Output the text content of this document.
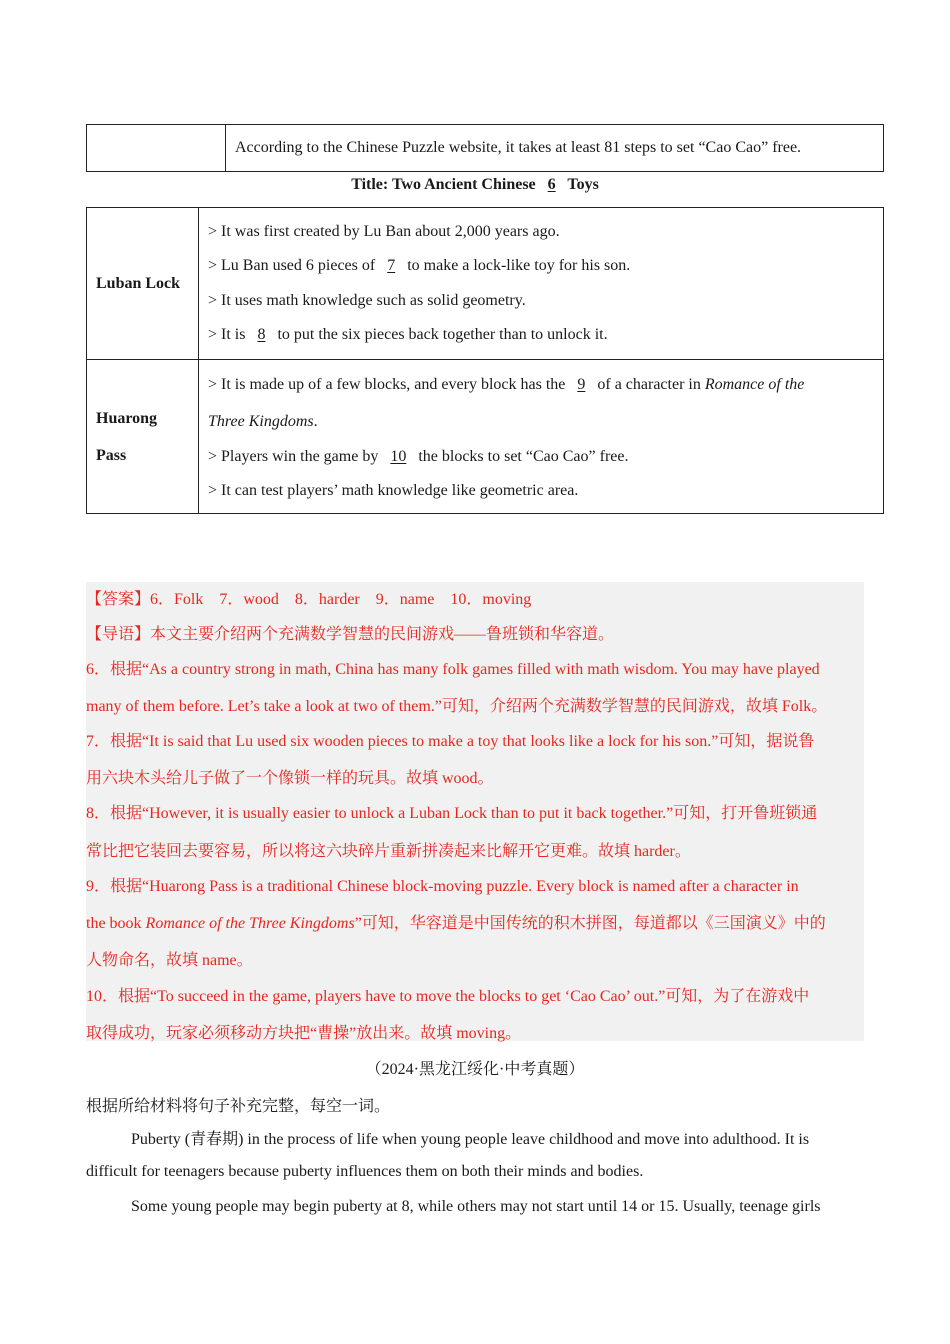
According to the Chinese Puzzle website, it takes at least 81 steps to set “Cao Cao” free.
Title: Two Ancient Chinese 6 Toys
Luban Lock	> It was first created by Lu Ban about 2,000 years ago.
> Lu Ban used 6 pieces of 7 to make a lock-like toy for his son.
> It uses math knowledge such as solid geometry.
> It is 8 to put the six pieces back together than to unlock it.

Huarong
Pass	> It is made up of a few blocks, and every block has the 9 of a character in Romance of the
Three Kingdoms.
> Players win the game by 10 the blocks to set “Cao Cao” free.
> It can test players’ math knowledge like geometric area.
【答案】6．Folk　7．wood　8．harder　9．name　10．moving
【导语】本文主要介绍两个充满数学智慧的民间游戏——鲁班锁和华容道。
6．根据“As a country strong in math, China has many folk games filled with math wisdom. You may have played
many of them before. Let’s take a look at two of them.”可知，介绍两个充满数学智慧的民间游戏，故填 Folk。
7．根据“It is said that Lu used six wooden pieces to make a toy that looks like a lock for his son.”可知，据说鲁
用六块木头给儿子做了一个像锁一样的玩具。故填 wood。
8．根据“However, it is usually easier to unlock a Luban Lock than to put it back together.”可知，打开鲁班锁通
常比把它装回去要容易，所以将这六块碎片重新拼凑起来比解开它更难。故填 harder。
9．根据“Huarong Pass is a traditional Chinese block-moving puzzle. Every block is named after a character in
the book Romance of the Three Kingdoms”可知，华容道是中国传统的积木拼图，每道都以《三国演义》中的
人物命名，故填 name。
10．根据“To succeed in the game, players have to move the blocks to get ‘Cao Cao’ out.”可知，为了在游戏中
取得成功，玩家必须移动方块把“曹操”放出来。故填 moving。
（2024·黑龙江绥化·中考真题）
根据所给材料将句子补充完整，每空一词。
Puberty (青春期) in the process of life when young people leave childhood and move into adulthood. It is
difficult for teenagers because puberty influences them on both their minds and bodies.
Some young people may begin puberty at 8, while others may not start until 14 or 15. Usually, teenage girls
